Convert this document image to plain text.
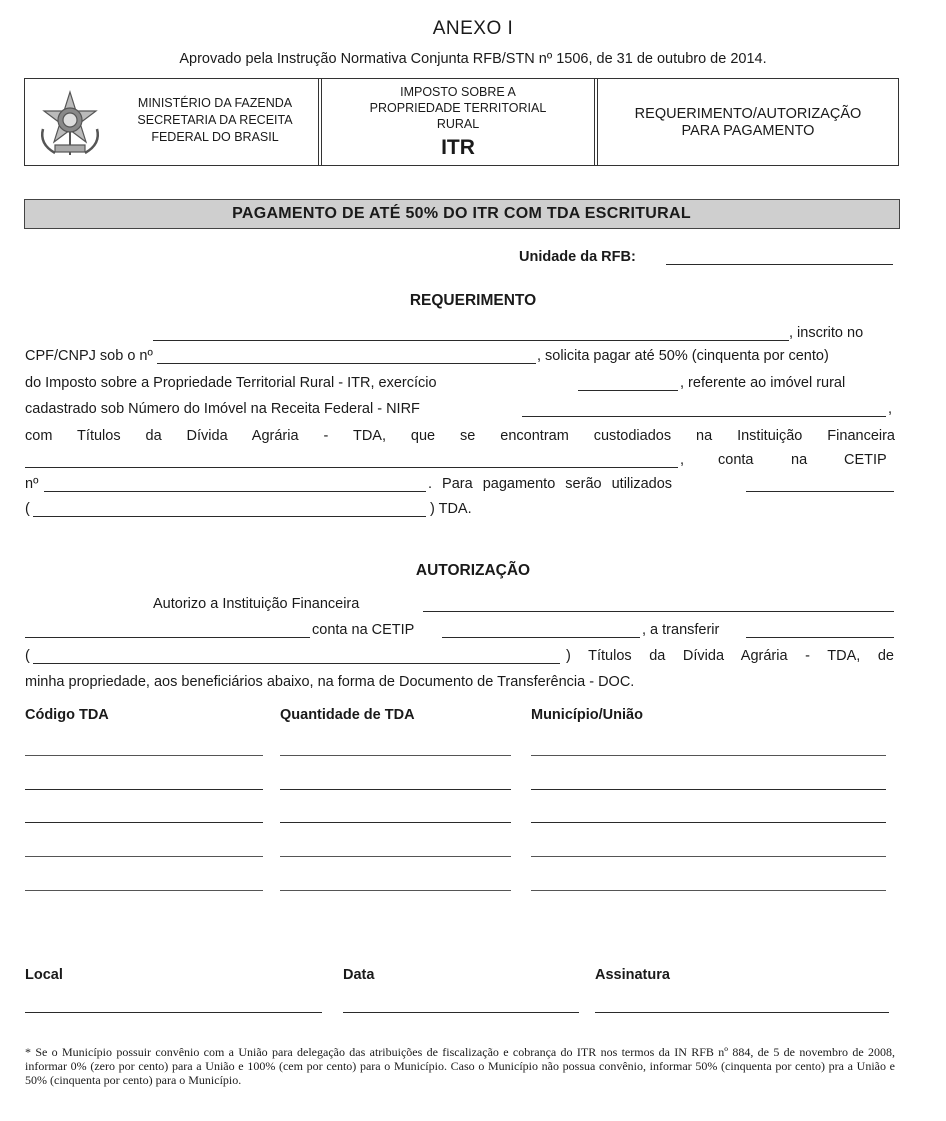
ANEXO I
Aprovado pela Instrução Normativa Conjunta RFB/STN nº 1506, de 31 de outubro de 2014.
MINISTÉRIO DA FAZENDA
SECRETARIA DA RECEITA
FEDERAL DO BRASIL
IMPOSTO SOBRE A
PROPRIEDADE TERRITORIAL
RURAL
ITR
REQUERIMENTO/AUTORIZAÇÃO
PARA PAGAMENTO
PAGAMENTO DE ATÉ 50% DO ITR COM TDA ESCRITURAL
Unidade da RFB:
REQUERIMENTO
, inscrito no
CPF/CNPJ sob o nº	, solicita pagar até 50% (cinquenta por cento)
do Imposto sobre a Propriedade Territorial Rural - ITR, exercício	, referente ao imóvel rural
cadastrado sob Número do Imóvel na Receita Federal - NIRF	,
com Títulos da Dívida Agrária - TDA, que se encontram custodiados na Instituição Financeira
, conta	na	CETIP
nº	. Para pagamento serão utilizados
(	) TDA.
AUTORIZAÇÃO
Autorizo a Instituição Financeira
conta na CETIP	, a transferir
(	) Títulos da Dívida Agrária - TDA, de
minha propriedade, aos beneficiários abaixo, na forma de Documento de Transferência - DOC.
Código TDA	Quantidade de TDA	Município/União
Local	Data	Assinatura
* Se o Município possuir convênio com a União para delegação das atribuições de fiscalização e cobrança do ITR nos termos da IN RFB nº 884, de 5 de novembro de 2008, informar 0% (zero por cento) para a União e 100% (cem por cento) para o Município. Caso o Município não possua convênio, informar 50% (cinquenta por cento) pra a União e 50% (cinquenta por cento) para o Município.
